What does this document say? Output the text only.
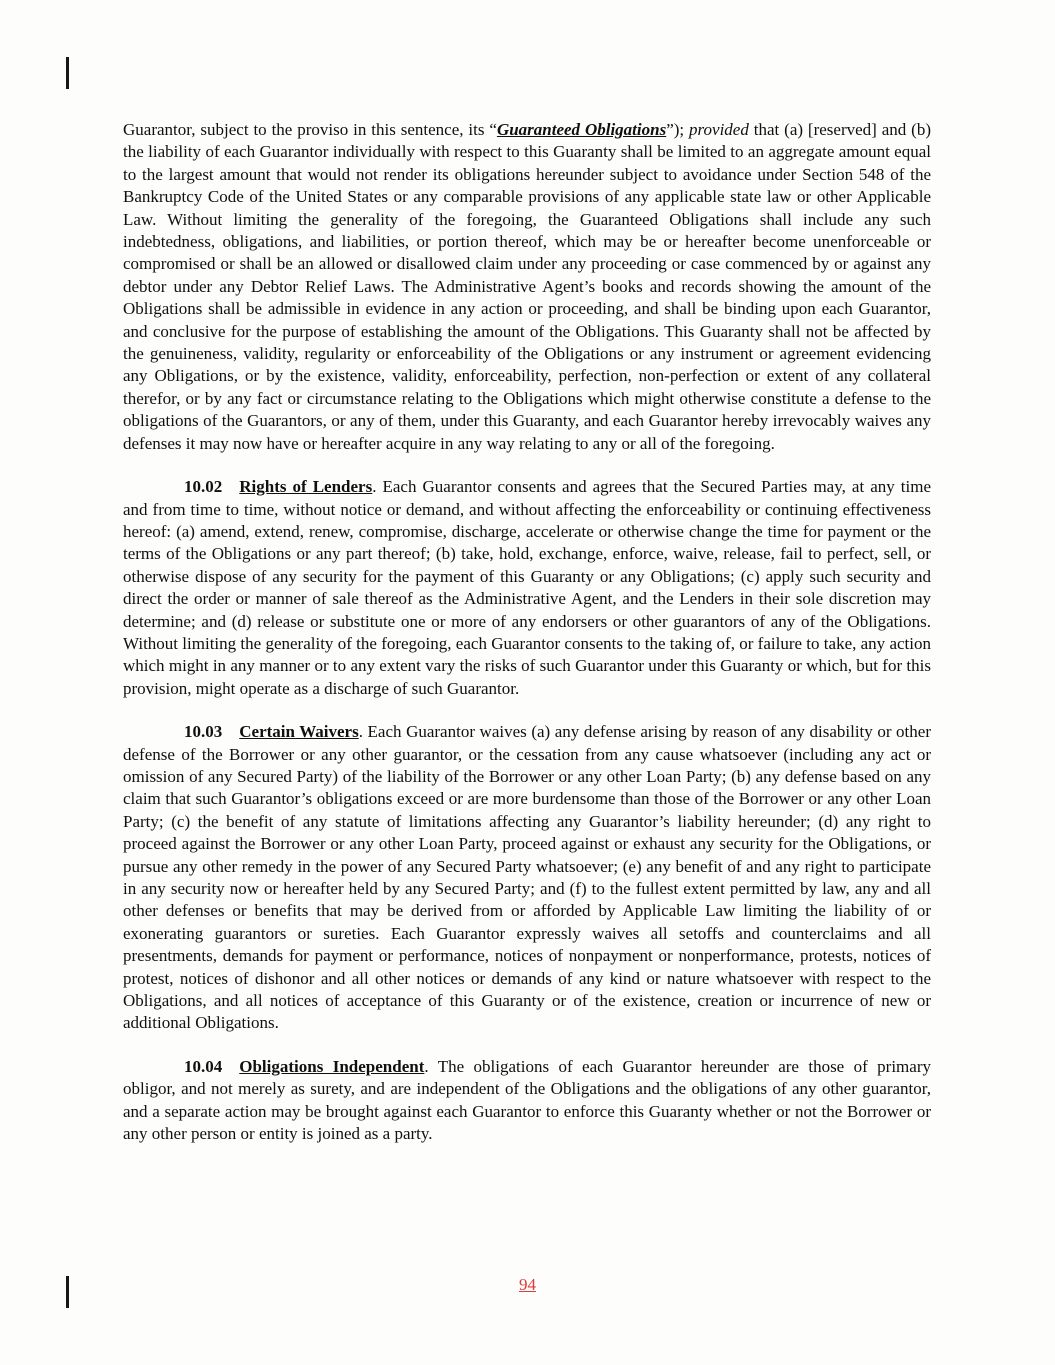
Guarantor, subject to the proviso in this sentence, its “Guaranteed Obligations”); provided that (a) [reserved] and (b) the liability of each Guarantor individually with respect to this Guaranty shall be limited to an aggregate amount equal to the largest amount that would not render its obligations hereunder subject to avoidance under Section 548 of the Bankruptcy Code of the United States or any comparable provisions of any applicable state law or other Applicable Law. Without limiting the generality of the foregoing, the Guaranteed Obligations shall include any such indebtedness, obligations, and liabilities, or portion thereof, which may be or hereafter become unenforceable or compromised or shall be an allowed or disallowed claim under any proceeding or case commenced by or against any debtor under any Debtor Relief Laws. The Administrative Agent’s books and records showing the amount of the Obligations shall be admissible in evidence in any action or proceeding, and shall be binding upon each Guarantor, and conclusive for the purpose of establishing the amount of the Obligations. This Guaranty shall not be affected by the genuineness, validity, regularity or enforceability of the Obligations or any instrument or agreement evidencing any Obligations, or by the existence, validity, enforceability, perfection, non-perfection or extent of any collateral therefor, or by any fact or circumstance relating to the Obligations which might otherwise constitute a defense to the obligations of the Guarantors, or any of them, under this Guaranty, and each Guarantor hereby irrevocably waives any defenses it may now have or hereafter acquire in any way relating to any or all of the foregoing.

10.02 Rights of Lenders. Each Guarantor consents and agrees that the Secured Parties may, at any time and from time to time, without notice or demand, and without affecting the enforceability or continuing effectiveness hereof: (a) amend, extend, renew, compromise, discharge, accelerate or otherwise change the time for payment or the terms of the Obligations or any part thereof; (b) take, hold, exchange, enforce, waive, release, fail to perfect, sell, or otherwise dispose of any security for the payment of this Guaranty or any Obligations; (c) apply such security and direct the order or manner of sale thereof as the Administrative Agent, and the Lenders in their sole discretion may determine; and (d) release or substitute one or more of any endorsers or other guarantors of any of the Obligations. Without limiting the generality of the foregoing, each Guarantor consents to the taking of, or failure to take, any action which might in any manner or to any extent vary the risks of such Guarantor under this Guaranty or which, but for this provision, might operate as a discharge of such Guarantor.

10.03 Certain Waivers. Each Guarantor waives (a) any defense arising by reason of any disability or other defense of the Borrower or any other guarantor, or the cessation from any cause whatsoever (including any act or omission of any Secured Party) of the liability of the Borrower or any other Loan Party; (b) any defense based on any claim that such Guarantor’s obligations exceed or are more burdensome than those of the Borrower or any other Loan Party; (c) the benefit of any statute of limitations affecting any Guarantor’s liability hereunder; (d) any right to proceed against the Borrower or any other Loan Party, proceed against or exhaust any security for the Obligations, or pursue any other remedy in the power of any Secured Party whatsoever; (e) any benefit of and any right to participate in any security now or hereafter held by any Secured Party; and (f) to the fullest extent permitted by law, any and all other defenses or benefits that may be derived from or afforded by Applicable Law limiting the liability of or exonerating guarantors or sureties. Each Guarantor expressly waives all setoffs and counterclaims and all presentments, demands for payment or performance, notices of nonpayment or nonperformance, protests, notices of protest, notices of dishonor and all other notices or demands of any kind or nature whatsoever with respect to the Obligations, and all notices of acceptance of this Guaranty or of the existence, creation or incurrence of new or additional Obligations.

10.04 Obligations Independent. The obligations of each Guarantor hereunder are those of primary obligor, and not merely as surety, and are independent of the Obligations and the obligations of any other guarantor, and a separate action may be brought against each Guarantor to enforce this Guaranty whether or not the Borrower or any other person or entity is joined as a party.

94
